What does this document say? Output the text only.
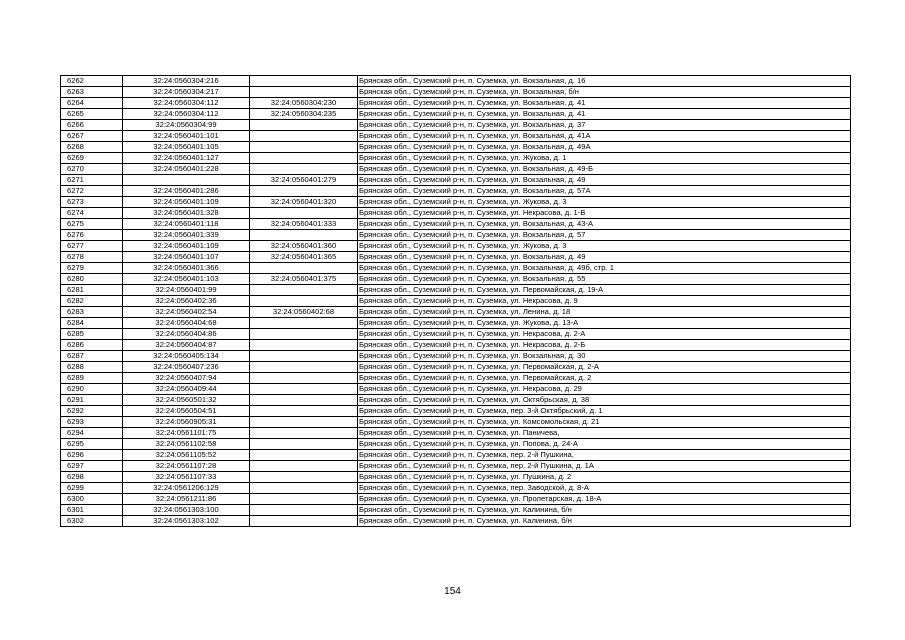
6262	32:24:0560304:216		Брянская обл., Суземский р-н, п. Суземка, ул. Вокзальная, д. 16
6263	32:24:0560304:217		Брянская обл., Суземский р-н, п. Суземка, ул. Вокзальная, б/н
6264	32:24:0560304:112	32:24:0560304:230	Брянская обл., Суземский р-н, п. Суземка, ул. Вокзальная, д. 41
6265	32:24:0560304:112	32:24:0560304:235	Брянская обл., Суземский р-н, п. Суземка, ул. Вокзальная, д. 41
6266	32:24:0560304:99		Брянская обл., Суземский р-н, п. Суземка, ул. Вокзальная, д. 37
6267	32:24:0560401:101		Брянская обл., Суземский р-н, п. Суземка, ул. Вокзальная, д. 41А
6268	32:24:0560401:105		Брянская обл., Суземский р-н, п. Суземка, ул. Вокзальная, д. 49А
6269	32:24:0560401:127		Брянская обл., Суземский р-н, п. Суземка, ул. Жукова, д. 1
6270	32:24:0560401:228		Брянская обл., Суземский р-н, п. Суземка, ул. Вокзальная, д. 49-Б
6271		32:24:0560401:279	Брянская обл., Суземский р-н, п. Суземка, ул. Вокзальная, д. 49
6272	32:24:0560401:286		Брянская обл., Суземский р-н, п. Суземка, ул. Вокзальная, д. 57А
6273	32:24:0560401:109	32:24:0560401:320	Брянская обл., Суземский р-н, п. Суземка, ул. Жукова, д. 3
6274	32:24:0560401:328		Брянская обл., Суземский р-н, п. Суземка, ул. Некрасова, д. 1-В
6275	32:24:0560401:118	32:24:0560401:333	Брянская обл., Суземский р-н, п. Суземка, ул. Вокзальная, д. 43-А
6276	32:24:0560401:339		Брянская обл., Суземский р-н, п. Суземка, ул. Вокзальная, д. 57
6277	32:24:0560401:109	32:24:0560401:360	Брянская обл., Суземский р-н, п. Суземка, ул. Жукова, д. 3
6278	32:24:0560401:107	32:24:0560401:365	Брянская обл., Суземский р-н, п. Суземка, ул. Вокзальная, д. 49
6279	32:24:0560401:366		Брянская обл., Суземский р-н, п. Суземка, ул. Вокзальная, д. 49б, стр. 1
6280	32:24:0560401:103	32:24:0560401:375	Брянская обл., Суземский р-н, п. Суземка, ул. Вокзальная, д. 55
6281	32:24:0560401:99		Брянская обл., Суземский р-н, п. Суземка, ул. Первомайская, д. 19-А
6282	32:24:0560402:36		Брянская обл., Суземский р-н, п. Суземка, ул. Некрасова, д. 9
6283	32:24:0560402:54	32:24:0560402:68	Брянская обл., Суземский р-н, п. Суземка, ул. Ленина, д. 18
6284	32:24:0560404:68		Брянская обл., Суземский р-н, п. Суземка, ул. Жукова, д. 13-А
6285	32:24:0560404:86		Брянская обл., Суземский р-н, п. Суземка, ул. Некрасова, д. 2-А
6286	32:24:0560404:87		Брянская обл., Суземский р-н, п. Суземка, ул. Некрасова, д. 2-Б
6287	32:24:0560405:134		Брянская обл., Суземский р-н, п. Суземка, ул. Вокзальная, д. 30
6288	32:24:0560407:236		Брянская обл., Суземский р-н, п. Суземка, ул. Первомайская, д. 2-А
6289	32:24:0560407:94		Брянская обл., Суземский р-н, п. Суземка, ул. Первомайская, д. 2
6290	32:24:0560409:44		Брянская обл., Суземский р-н, п. Суземка, ул. Некрасова, д. 29
6291	32:24:0560501:32		Брянская обл., Суземский р-н, п. Суземка, ул. Октябрьская, д. 38
6292	32:24:0560504:51		Брянская обл., Суземский р-н, п. Суземка, пер. 3-й Октябрьский, д. 1
6293	32:24:0560905:31		Брянская обл., Суземский р-н, п. Суземка, ул. Комсомольская, д. 21
6294	32:24:0561101:75		Брянская обл., Суземский р-н, п. Суземка, ул. Паничева,
6295	32:24:0561102:58		Брянская обл., Суземский р-н, п. Суземка, ул. Попова, д. 24-А
6296	32:24:0561105:52		Брянская обл., Суземский р-н, п. Суземка, пер. 2-й Пушкина,
6297	32:24:0561107:28		Брянская обл., Суземский р-н, п. Суземка, пер. 2-й Пушкина, д. 1А
6298	32:24:0561107:33		Брянская обл., Суземский р-н, п. Суземка, ул. Пушкина, д. 2
6299	32:24:0561206:129		Брянская обл., Суземский р-н, п. Суземка, пер. Заводской, д. 8-А
6300	32:24:0561211:86		Брянская обл., Суземский р-н, п. Суземка, ул. Пролетарская, д. 18-А
6301	32:24:0561303:100		Брянская обл., Суземский р-н, п. Суземка, ул. Калинина, б/н
6302	32:24:0561303:102		Брянская обл., Суземский р-н, п. Суземка, ул. Калинина, б/н
154
